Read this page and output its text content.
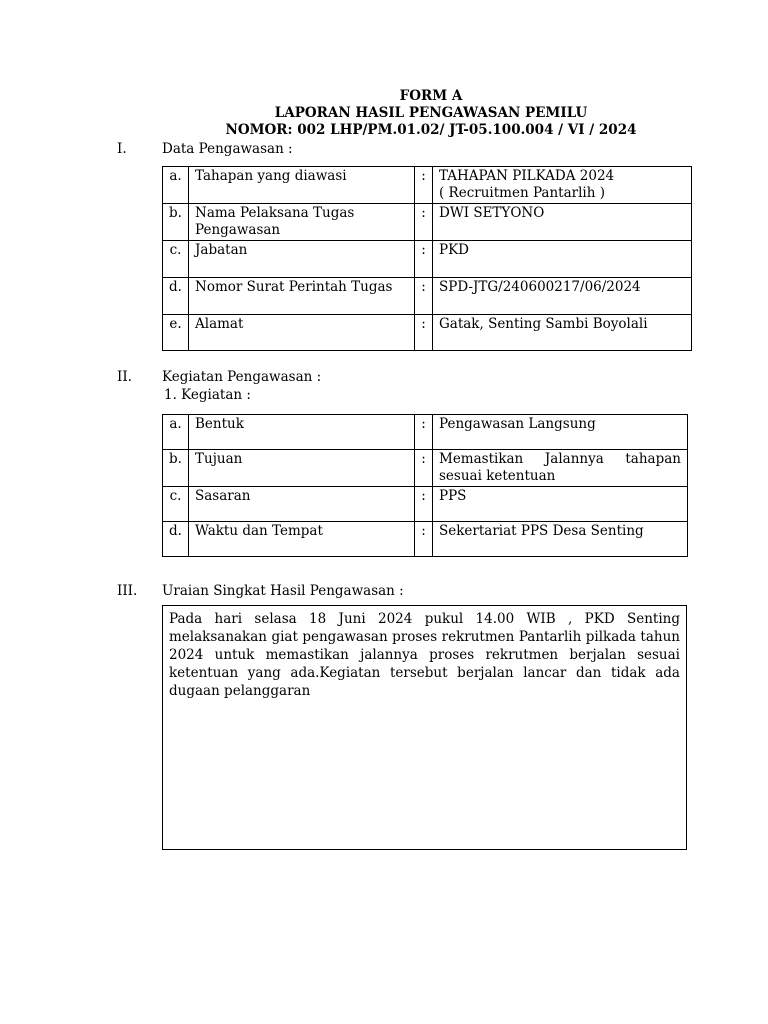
FORM A
LAPORAN HASIL PENGAWASAN PEMILU
NOMOR: 002 LHP/PM.01.02/ JT-05.100.004 / VI / 2024
I.	Data Pengawasan :
a.	Tahapan yang diawasi	:	TAHAPAN PILKADA 2024
( Recruitmen Pantarlih )

b.	Nama Pelaksana Tugas
Pengawasan	:	DWI SETYONO
c.	Jabatan	:	PKD
d.	Nomor Surat Perintah Tugas	:	SPD-JTG/240600217/06/2024
e.	Alamat	:	Gatak, Senting Sambi Boyolali
II. Kegiatan Pengawasan :
1. Kegiatan :
a.	Bentuk	:	Pengawasan Langsung
b.	Tujuan	:	Memastikan Jalannya tahapan sesuai ketentuan
c.	Sasaran	:	PPS
d.	Waktu dan Tempat	:	Sekertariat PPS Desa Senting
III. Uraian Singkat Hasil Pengawasan :

Pada hari selasa 18 Juni 2024 pukul 14.00 WIB , PKD Senting melaksanakan giat pengawasan proses rekrutmen Pantarlih pilkada tahun 2024 untuk memastikan jalannya proses rekrutmen berjalan sesuai ketentuan yang ada.Kegiatan tersebut berjalan lancar dan tidak ada dugaan pelanggaran
